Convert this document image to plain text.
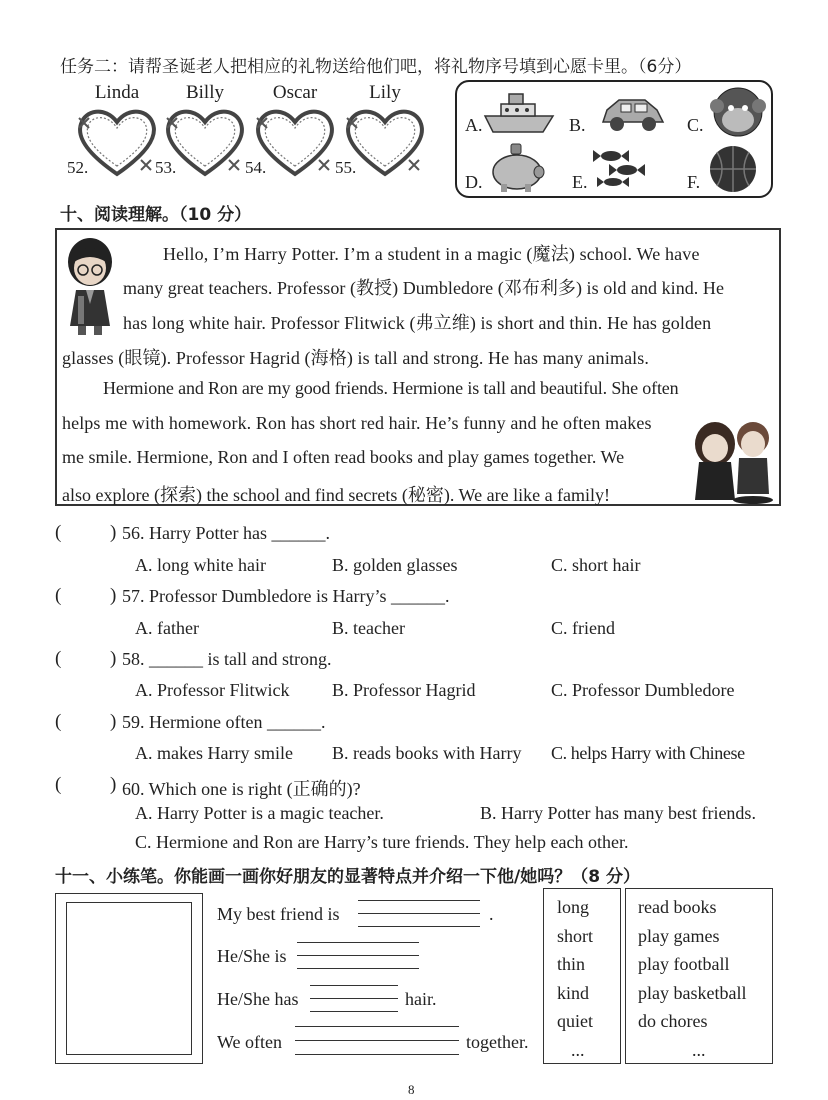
任务二：请帮圣诞老人把相应的礼物送给他们吧，将礼物序号填到心愿卡里。（6分）
Linda
52.
Billy
53.
Oscar
54.
Lily
55.
A.	B.	C.
D.	E.	F.
十、阅读理解。（10 分）
Hello, I’m Harry Potter. I’m a student in a magic (魔法) school. We have
many great teachers. Professor (教授) Dumbledore (邓布利多) is old and kind. He
has long white hair. Professor Flitwick (弗立维) is short and thin. He has golden
glasses (眼镜). Professor Hagrid (海格) is tall and strong. He has many animals.
Hermione and Ron are my good friends. Hermione is tall and beautiful. She often
helps me with homework. Ron has short red hair. He’s funny and he often makes
me smile. Hermione, Ron and I often read books and play games together. We
also explore (探索) the school and find secrets (秘密). We are like a family!
(	) 56. Harry Potter has ______.
A. long white hair	B. golden glasses	C. short hair
(	) 57. Professor Dumbledore is Harry’s ______.
A. father	B. teacher	C. friend
(	) 58. ______ is tall and strong.
A. Professor Flitwick B. Professor Hagrid	C. Professor Dumbledore
(	) 59. Hermione often ______.
A. makes Harry smile B. reads books with Harry C. helps Harry with Chinese
(	) 60. Which one is right (正确的)?
A. Harry Potter is a magic teacher.	B. Harry Potter has many best friends.
C. Hermione and Ron are Harry’s ture friends. They help each other.
十一、小练笔。你能画一画你好朋友的显著特点并介绍一下他/她吗？（8 分）
My best friend is	.
He/She is
He/She has	hair.
We often	together.
long
short
thin
kind
quiet
...
read books
play games
play football
play basketball
do chores
...
8
